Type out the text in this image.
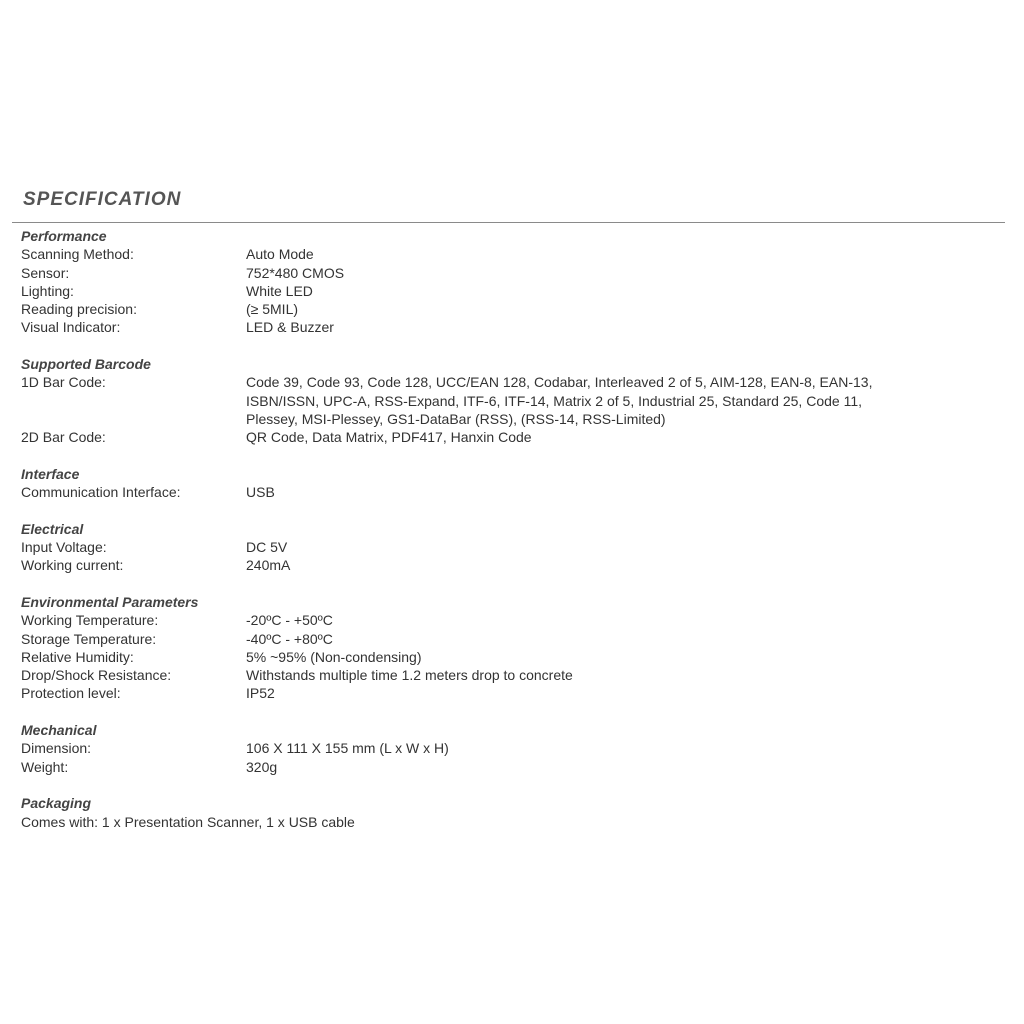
SPECIFICATION
Performance
Scanning Method:	Auto Mode
Sensor:	752*480 CMOS
Lighting:	White LED
Reading precision:	(≥ 5MIL)
Visual Indicator:	LED & Buzzer
Supported Barcode
1D Bar Code:	Code 39, Code 93, Code 128, UCC/EAN 128, Codabar, Interleaved 2 of 5, AIM-128, EAN-8, EAN-13,
ISBN/ISSN, UPC-A, RSS-Expand, ITF-6, ITF-14, Matrix 2 of 5, Industrial 25, Standard 25, Code 11,
Plessey, MSI-Plessey, GS1-DataBar (RSS), (RSS-14, RSS-Limited)
2D Bar Code:	QR Code, Data Matrix, PDF417, Hanxin Code
Interface
Communication Interface:	USB
Electrical
Input Voltage:	DC 5V
Working current:	240mA
Environmental Parameters
Working Temperature:	-20ºC - +50ºC
Storage Temperature:	-40ºC - +80ºC
Relative Humidity:	5% ~95% (Non-condensing)
Drop/Shock Resistance:	Withstands multiple time 1.2 meters drop to concrete
Protection level:	IP52
Mechanical
Dimension:	106 X 111 X 155 mm (L x W x H)
Weight:	320g
Packaging
Comes with: 1 x Presentation Scanner, 1 x USB cable
